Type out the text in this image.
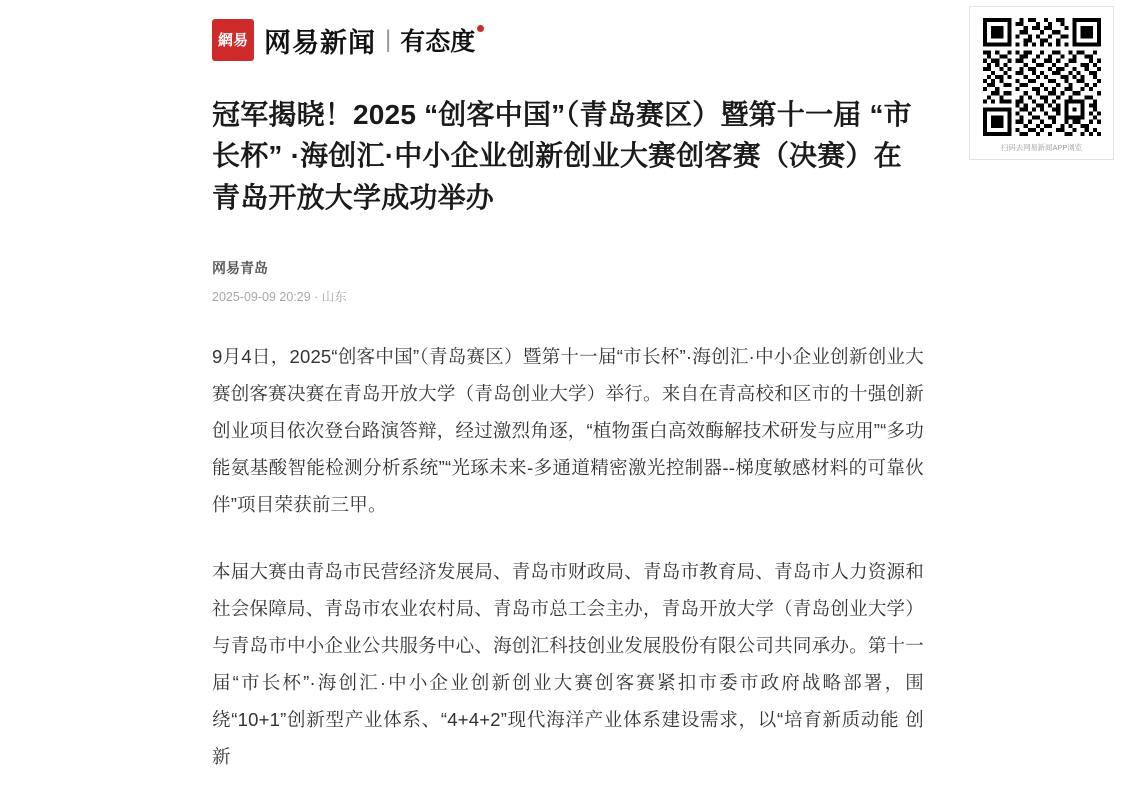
網易 网易新闻 | 有态度
冠军揭晓！2025 “创客中国”（青岛赛区）暨第十一届 “市长杯” ·海创汇·中小企业创新创业大赛创客赛（决赛）在青岛开放大学成功举办
网易青岛
2025-09-09 20:29 · 山东

9月4日，2025“创客中国”（青岛赛区）暨第十一届“市长杯”·海创汇·中小企业创新创业大赛创客赛决赛在青岛开放大学（青岛创业大学）举行。来自在青高校和区市的十强创新创业项目依次登台路演答辩，经过激烈角逐，“植物蛋白高效酶解技术研发与应用”“多功能氨基酸智能检测分析系统”“光琢未来-多通道精密激光控制器--梯度敏感材料的可靠伙伴”项目荣获前三甲。

本届大赛由青岛市民营经济发展局、青岛市财政局、青岛市教育局、青岛市人力资源和社会保障局、青岛市农业农村局、青岛市总工会主办，青岛开放大学（青岛创业大学）与青岛市中小企业公共服务中心、海创汇科技创业发展股份有限公司共同承办。第十一届“市长杯”·海创汇·中小企业创新创业大赛创客赛紧扣市委市政府战略部署，围绕“10+1”创新型产业体系、“4+4+2”现代海洋产业体系建设需求，以“培育新质动能 创新

扫码去网易新闻APP浏览
